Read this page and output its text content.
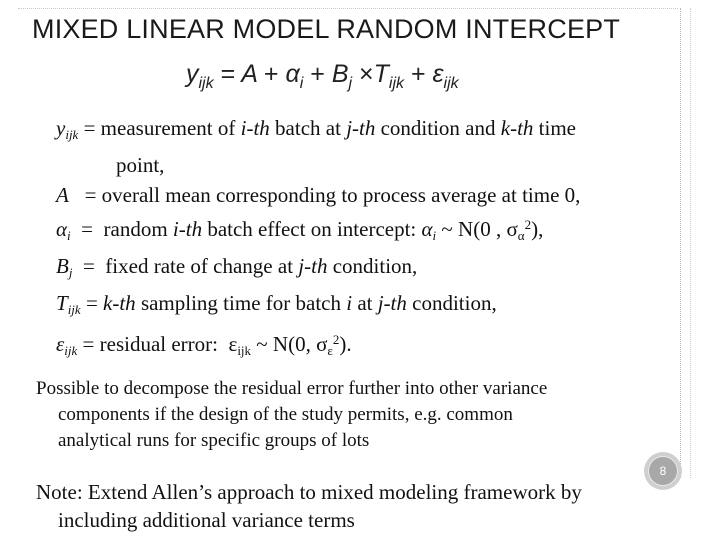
MIXED LINEAR MODEL RANDOM INTERCEPT
$y_{ijk} = A + \alpha_i + B_j \times T_{ijk} + \varepsilon_{ijk}$
$y_{ijk}$ = measurement of i-th batch at j-th condition and k-th time
point,
A   = overall mean corresponding to process average at time 0,
$\alpha_i$  =  random i-th batch effect on intercept: $\alpha_i$ ~ N(0 , $\sigma_\alpha^2$),
$B_j$  =  fixed rate of change at j-th condition,
$T_{ijk} = k-th$ sampling time for batch i at j-th condition,
$\varepsilon_{ijk}$ = residual error:  $\varepsilon_{ijk}$ ~ N(0, $\sigma_\varepsilon^2$).
Possible to decompose the residual error further into other variance
components if the design of the study permits, e.g. common
analytical runs for specific groups of lots
8
Note: Extend Allen’s approach to mixed modeling framework by
including additional variance terms
